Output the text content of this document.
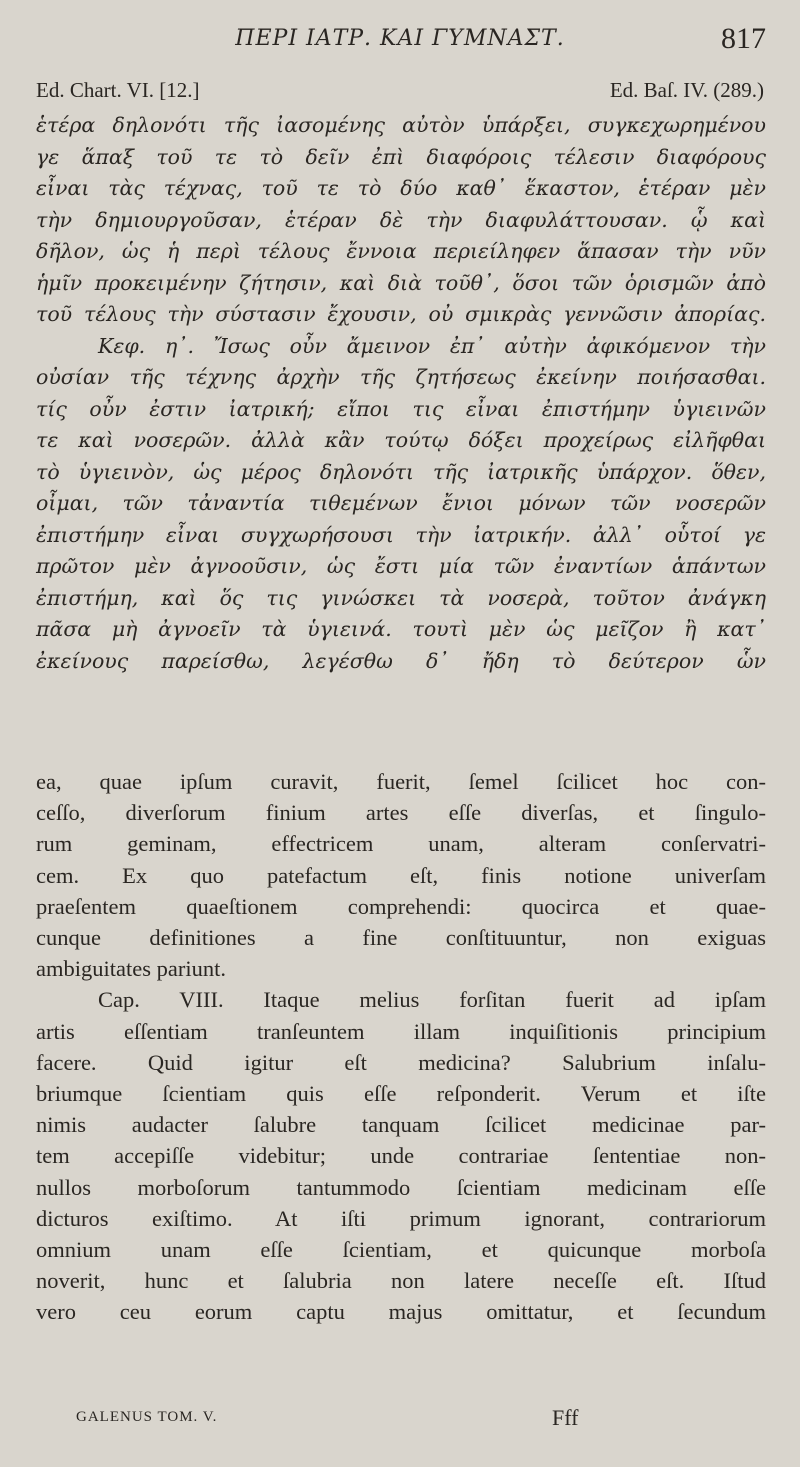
ΠΕΡΙ ΙΑΤΡ. ΚΑΙ ΓΥΜΝΑΣΤ.	817
Ed. Chart. VI. [12.]	Ed. Baſ. IV. (289.)
ἑτέρα δηλονότι τῆς ἰασομένης αὐτὸν ὑπάρξει, συγκεχωρημένου
γε ἅπαξ τοῦ τε τὸ δεῖν ἐπὶ διαφόροις τέλεσιν διαφόρους
εἶναι τὰς τέχνας, τοῦ τε τὸ δύο καθ᾽ ἕκαστον, ἑτέραν μὲν
τὴν δημιουργοῦσαν, ἑτέραν δὲ τὴν διαφυλάττουσαν. ᾧ καὶ
δῆλον, ὡς ἡ περὶ τέλους ἔννοια περιείληφεν ἅπασαν τὴν νῦν
ἡμῖν προκειμένην ζήτησιν, καὶ διὰ τοῦθ᾽, ὅσοι τῶν ὁρισμῶν ἀπὸ
τοῦ τέλους τὴν σύστασιν ἔχουσιν, οὐ σμικρὰς γεννῶσιν ἀπορίας.
Κεφ. η᾽. Ἴσως οὖν ἄμεινον ἐπ᾽ αὐτὴν ἀφικόμενον τὴν
οὐσίαν τῆς τέχνης ἀρχὴν τῆς ζητήσεως ἐκείνην ποιήσασθαι.
τίς οὖν ἐστιν ἰατρική; εἴποι τις εἶναι ἐπιστήμην ὑγιεινῶν
τε καὶ νοσερῶν. ἀλλὰ κἂν τούτῳ δόξει προχείρως εἰλῆφθαι
τὸ ὑγιεινὸν, ὡς μέρος δηλονότι τῆς ἰατρικῆς ὑπάρχον. ὅθεν,
οἶμαι, τῶν τἀναντία τιθεμένων ἔνιοι μόνων τῶν νοσερῶν
ἐπιστήμην εἶναι συγχωρήσουσι τὴν ἰατρικήν. ἀλλ᾽ οὗτοί γε
πρῶτον μὲν ἀγνοοῦσιν, ὡς ἔστι μία τῶν ἐναντίων ἁπάντων
ἐπιστήμη, καὶ ὅς τις γινώσκει τὰ νοσερὰ, τοῦτον ἀνάγκη
πᾶσα μὴ ἀγνοεῖν τὰ ὑγιεινά. τουτὶ μὲν ὡς μεῖζον ἢ κατ᾽
ἐκείνους παρείσθω, λεγέσθω δ᾽ ἤδη τὸ δεύτερον ὧν
ea, quae ipſum curavit, fuerit, ſemel ſcilicet hoc con-
ceſſo, diverſorum finium artes eſſe diverſas, et ſingulo-
rum geminam, effectricem unam, alteram conſervatri-
cem. Ex quo patefactum eſt, finis notione univerſam
praeſentem quaeſtionem comprehendi: quocirca et quae-
cunque definitiones a fine conſtituuntur, non exiguas
ambiguitates pariunt.
Cap. VIII. Itaque melius forſitan fuerit ad ipſam
artis eſſentiam tranſeuntem illam inquiſitionis principium
facere. Quid igitur eſt medicina? Salubrium inſalu-
briumque ſcientiam quis eſſe reſponderit. Verum et iſte
nimis audacter ſalubre tanquam ſcilicet medicinae par-
tem accepiſſe videbitur; unde contrariae ſententiae non-
nullos morboſorum tantummodo ſcientiam medicinam eſſe
dicturos exiſtimo. At iſti primum ignorant, contrariorum
omnium unam eſſe ſcientiam, et quicunque morboſa
noverit, hunc et ſalubria non latere neceſſe eſt. Iſtud
vero ceu eorum captu majus omittatur, et ſecundum
GALENUS TOM. V.	Fff
